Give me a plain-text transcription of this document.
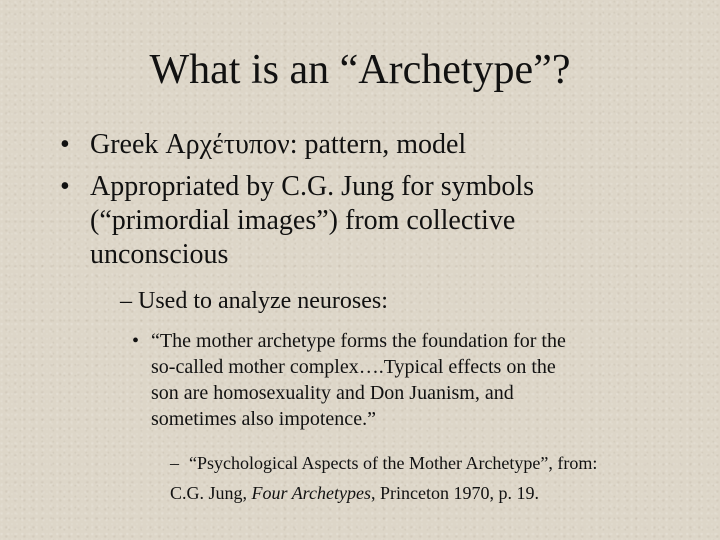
What is an “Archetype”?
• Greek Αρχέτυπον: pattern, model
• Appropriated by C.G. Jung for symbols
(“primordial images”) from collective
unconscious
– Used to analyze neuroses:
• “The mother archetype forms the foundation for the
so-called mother complex….Typical effects on the
son are homosexuality and Don Juanism, and
sometimes also impotence.”
– “Psychological Aspects of the Mother Archetype”, from:
C.G. Jung, Four Archetypes, Princeton 1970, p. 19.
